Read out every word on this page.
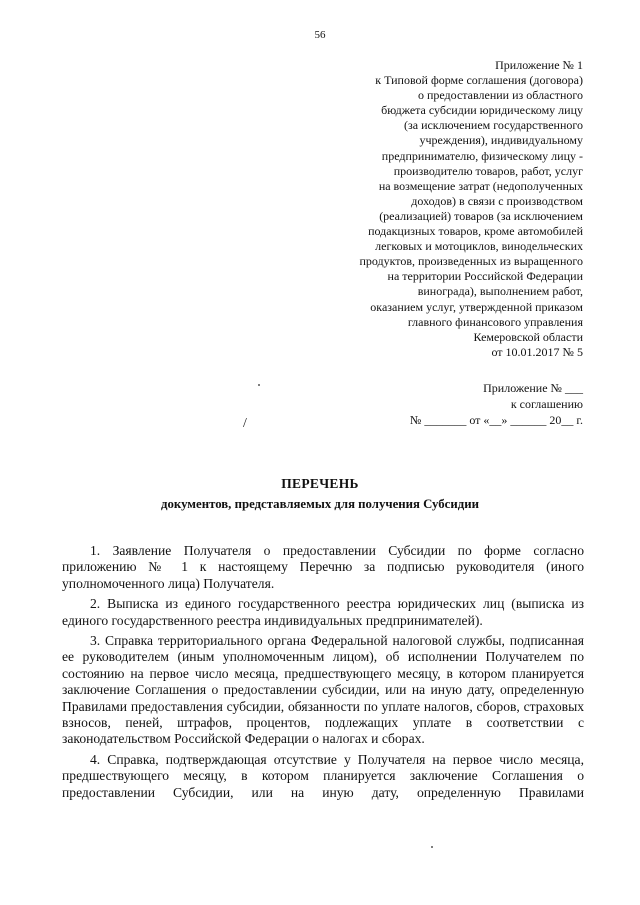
56
Приложение № 1
к Типовой форме соглашения (договора)
о предоставлении из областного
бюджета субсидии юридическому лицу
(за исключением государственного
учреждения), индивидуальному
предпринимателю, физическому лицу -
производителю товаров, работ, услуг
на возмещение затрат (недополученных
доходов) в связи с производством
(реализацией) товаров (за исключением
подакцизных товаров, кроме автомобилей
легковых и мотоциклов, винодельческих
продуктов, произведенных из выращенного
на территории Российской Федерации
винограда), выполнением работ,
оказанием услуг, утвержденной приказом
главного финансового управления
Кемеровской области
от 10.01.2017 № 5
Приложение № ___
к соглашению
№ _______ от «__» ______ 20__ г.
/
ПЕРЕЧЕНЬ
документов, представляемых для получения Субсидии

1. Заявление Получателя о предоставлении Субсидии по форме согласно приложению № 1 к настоящему Перечню за подписью руководителя (иного уполномоченного лица) Получателя.

2. Выписка из единого государственного реестра юридических лиц (выписка из единого государственного реестра индивидуальных предпринимателей).

3. Справка территориального органа Федеральной налоговой службы, подписанная ее руководителем (иным уполномоченным лицом), об исполнении Получателем по состоянию на первое число месяца, предшествующего месяцу, в котором планируется заключение Соглашения о предоставлении субсидии, или на иную дату, определенную Правилами предоставления субсидии, обязанности по уплате налогов, сборов, страховых взносов, пеней, штрафов, процентов, подлежащих уплате в соответствии с законодательством Российской Федерации о налогах и сборах.

4. Справка, подтверждающая отсутствие у Получателя на первое число месяца, предшествующего месяцу, в котором планируется заключение Соглашения о предоставлении Субсидии, или на иную дату, определенную Правилами
